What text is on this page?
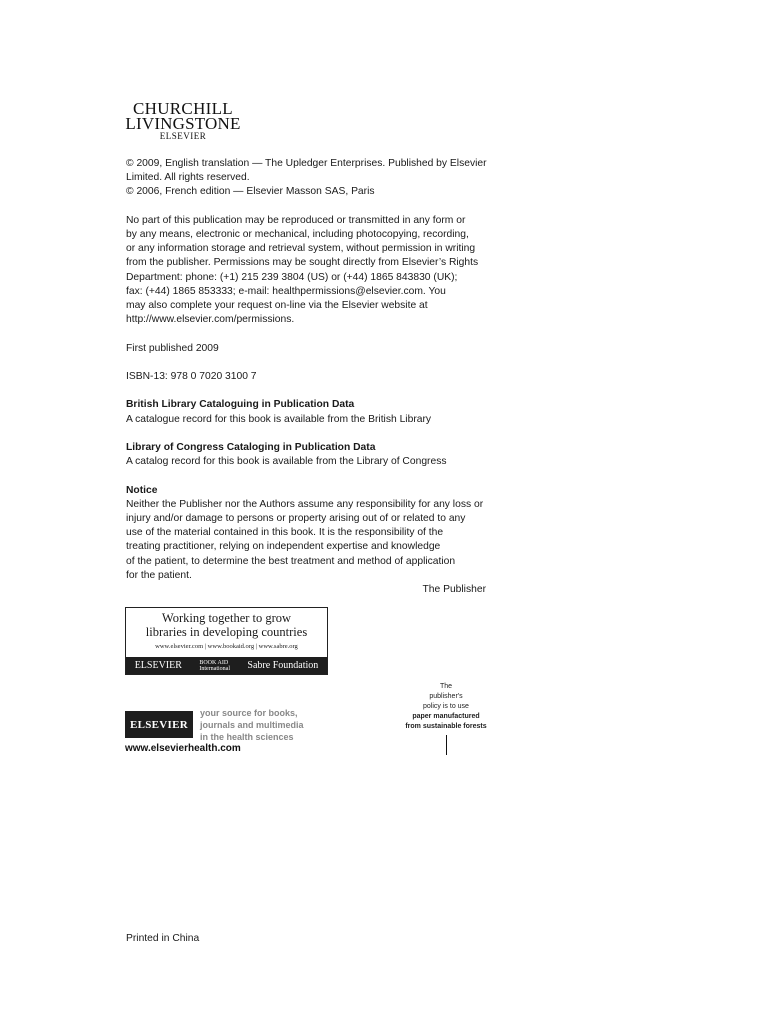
CHURCHILL
LIVINGSTONE
ELSEVIER

© 2009, English translation — The Upledger Enterprises. Published by Elsevier

Limited. All rights reserved.

© 2006, French edition — Elsevier Masson SAS, Paris

No part of this publication may be reproduced or transmitted in any form or

by any means, electronic or mechanical, including photocopying, recording,

or any information storage and retrieval system, without permission in writing

from the publisher. Permissions may be sought directly from Elsevier’s Rights

Department: phone: (+1) 215 239 3804 (US) or (+44) 1865 843830 (UK);

fax: (+44) 1865 853333; e-mail: healthpermissions@elsevier.com. You

may also complete your request on-line via the Elsevier website at

http://www.elsevier.com/permissions.

First published 2009

ISBN-13: 978 0 7020 3100 7

British Library Cataloguing in Publication Data

A catalogue record for this book is available from the British Library

Library of Congress Cataloging in Publication Data

A catalog record for this book is available from the Library of Congress

Notice

Neither the Publisher nor the Authors assume any responsibility for any loss or

injury and/or damage to persons or property arising out of or related to any

use of the material contained in this book. It is the responsibility of the

treating practitioner, relying on independent expertise and knowledge

of the patient, to determine the best treatment and method of application

for the patient.

The Publisher

Working together to grow
libraries in developing countries
www.elsevier.com | www.bookaid.org | www.sabre.org
ELSEVIER	BOOK AID
International Sabre Foundation
The
publisher's
policy is to use
paper manufactured
from sustainable forests
ELSEVIER
your source for books,
journals and multimedia
in the health sciences
www.elsevierhealth.com
Printed in China
